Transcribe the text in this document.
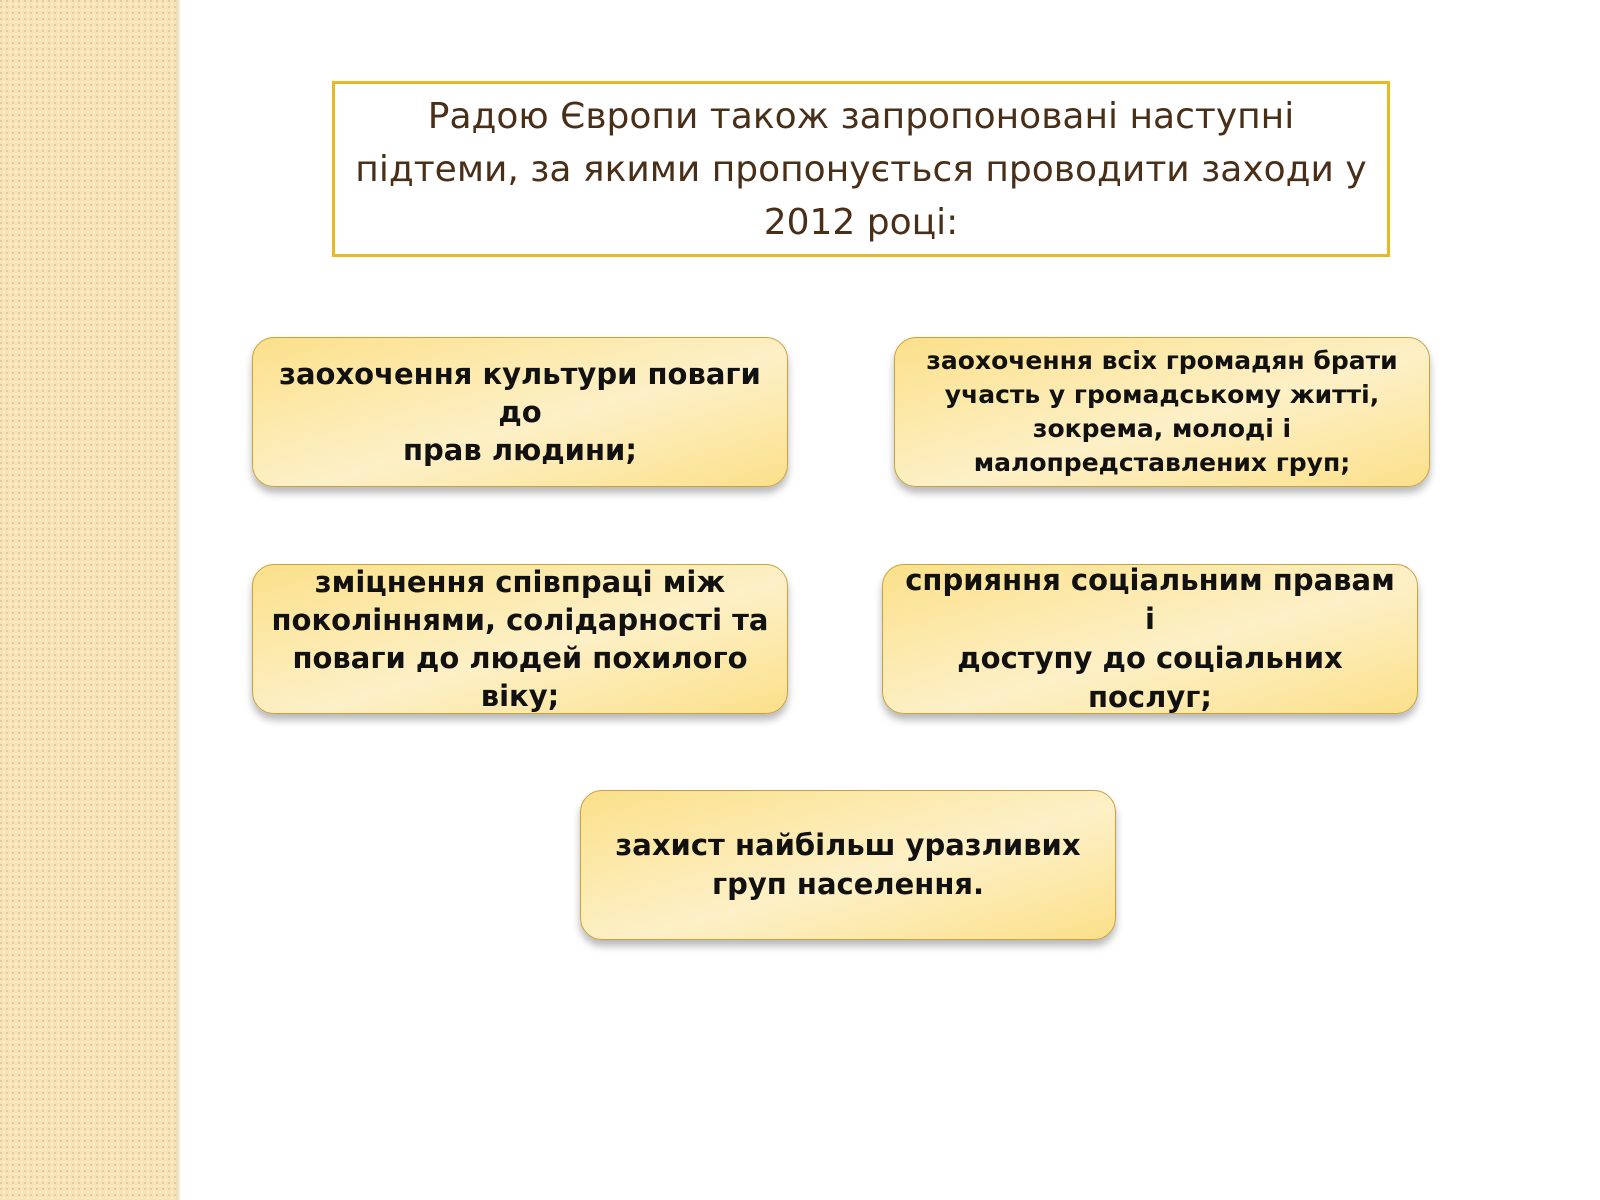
Радою Європи також запропоновані наступні
підтеми, за якими пропонується проводити заходи у
2012 році:

заохочення культури поваги до
прав людини;

заохочення всіх громадян брати
участь у громадському житті,
зокрема, молоді і
малопредставлених груп;

зміцнення співпраці між
поколіннями, солідарності та
поваги до людей похилого
віку;

сприяння соціальним правам і
доступу до соціальних послуг;

захист найбільш уразливих
груп населення.
